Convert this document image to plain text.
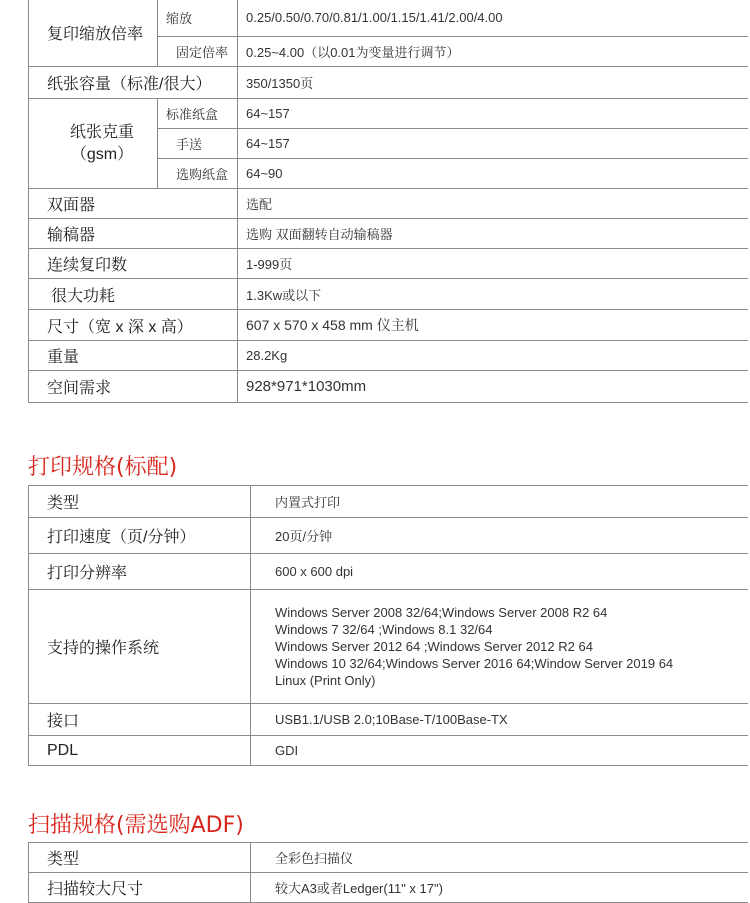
复印缩放倍率	缩放	0.25/0.50/0.70/0.81/1.00/1.15/1.41/2.00/4.00
	固定倍率	0.25~4.00（以0.01为变量进行调节）
纸张容量（标准/很大）		350/1350页
纸张克重
（gsm）	标准纸盒	64~157
	手送	64~157
	选购纸盒	64~90
双面器		选配
输稿器		选购 双面翻转自动输稿器
连续复印数		1-999页
很大功耗		1.3Kw或以下
尺寸（宽 x 深 x 高）		607 x 570 x 458 mm 仪主机
重量		28.2Kg
空间需求		928*971*1030mm
打印规格(标配)
类型	内置式打印
打印速度（页/分钟）	20页/分钟
打印分辨率	600 x 600 dpi
支持的操作系统	Windows Server 2008 32/64;Windows Server 2008 R2 64
Windows 7 32/64 ;Windows 8.1 32/64
Windows Server 2012 64 ;Windows Server 2012 R2 64
Windows 10 32/64;Windows Server 2016 64;Window Server 2019 64
Linux (Print Only)

接口	USB1.1/USB 2.0;10Base-T/100Base-TX
PDL	GDI
扫描规格(需选购ADF)
类型	全彩色扫描仪
扫描较大尺寸	较大A3或者Ledger(11" x 17")
